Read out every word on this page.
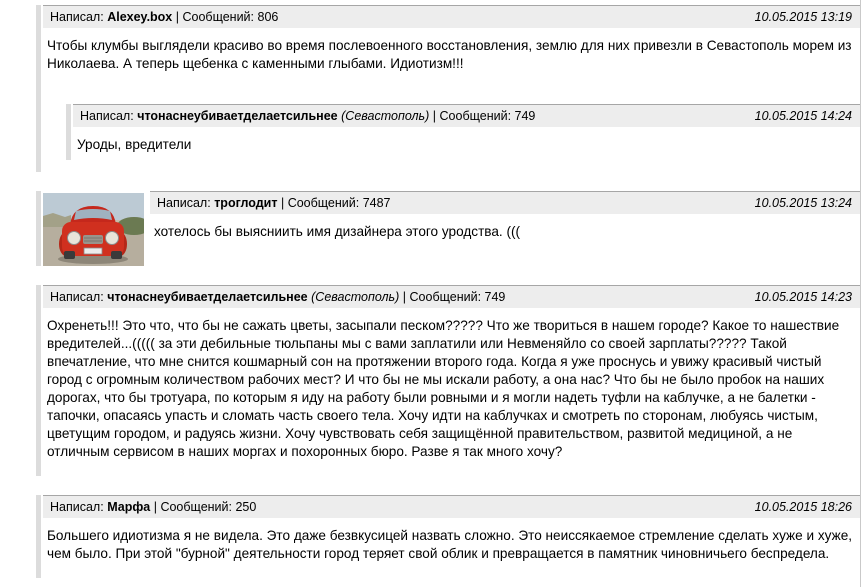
Написал: Alexey.box | Сообщений: 806	10.05.2015 13:19
Чтобы клумбы выглядели красиво во время послевоенного восстановления, землю для них привезли в Севастополь морем из Николаева. А теперь щебенка с каменными глыбами. Идиотизм!!!
Написал: чтонаснеубиваетделаетсильнее (Севастополь) | Сообщений: 749	10.05.2015 14:24
Уроды, вредители
Написал: троглодит | Сообщений: 7487	10.05.2015 13:24
хотелось бы выясниить имя дизайнера этого уродства. (((
Написал: чтонаснеубиваетделаетсильнее (Севастополь) | Сообщений: 749	10.05.2015 14:23
Охренеть!!! Это что, что бы не сажать цветы, засыпали песком????? Что же твориться в нашем городе? Какое то нашествие вредителей...((((( за эти дебильные тюльпаны мы с вами заплатили или Невменяйло со своей зарплаты????? Такой впечатление, что мне снится кошмарный сон на протяжении второго года. Когда я уже проснусь и увижу красивый чистый город с огромным количеством рабочих мест? И что бы не мы искали работу, а она нас? Что бы не было пробок на наших дорогах, что бы тротуара, по которым я иду на работу были ровными и я могли надеть туфли на каблучке, а не балетки - тапочки, опасаясь упасть и сломать часть своего тела. Хочу идти на каблучках и смотреть по сторонам, любуясь чистым, цветущим городом, и радуясь жизни. Хочу чувствовать себя защищённой правительством, развитой медициной, а не отличным сервисом в наших моргах и похоронных бюро. Разве я так много хочу?
Написал: Марфа | Сообщений: 250	10.05.2015 18:26
Большего идиотизма я не видела. Это даже безвкусицей назвать сложно. Это неиссякаемое стремление сделать хуже и хуже, чем было. При этой "бурной" деятельности город теряет свой облик и превращается в памятник чиновничьего беспредела.
